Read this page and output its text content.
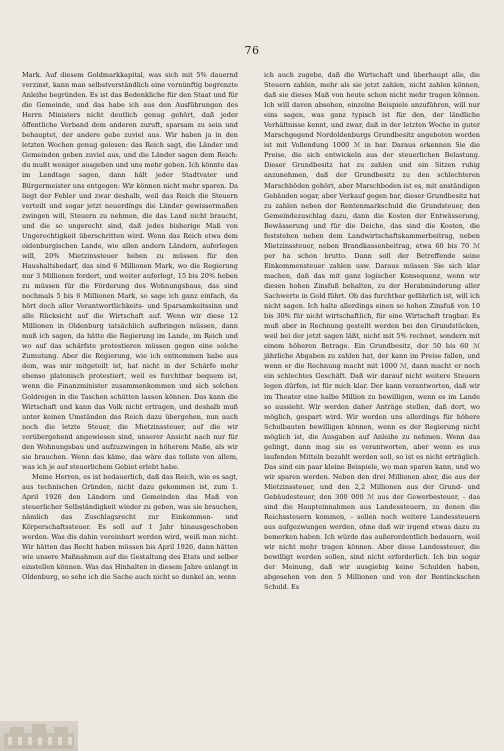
76

Mark. Auf diesem Goldmarkkapital, was sich mit 5% dauernd verzinst, kann man selbstverständlich eine vernünftig begrenzte Anleihe begründen. Es ist das Bedenkliche für den Staat und für die Gemeinde, und das habe ich aus den Ausführungen des Herrn Ministers nicht deutlich genug gehört, daß jeder öffentliche Verband dem anderen zuruft, sparsam zu sein und behauptet, der andere gebe zuviel aus. Wir haben ja in den letzten Wochen genug gelesen: das Reich sagt, die Länder und Gemeinden geben zuviel aus, und die Länder sagen dem Reich: du mußt weniger ausgeben und uns mehr geben. Ich könnte das im Landtage sagen, dann hält jeder Stadtvater und Bürgermeister uns entgegen: Wir können nicht mehr sparen. Da liegt der Fehler und zwar deshalb, weil das Reich die Steuern verteilt und sogar jetzt neuerdings die Länder gewissermaßen zwingen will, Steuern zu nehmen, die das Land nicht braucht, und die so ungerecht sind, daß jedes bisherige Maß von Ungerechtigkeit überschritten wird. Wenn das Reich etwa dem oldenburgischen Lande, wie allen andern Ländern, auferlegen will, 20% Mietzinssteuer heben zu müssen für den Haushaltsbedarf, das sind 6 Millionen Mark, wo die Regierung nur 3 Millionen fordert, und weiter auferlegt, 15 bis 20% heben zu müssen für die Förderung des Wohnungsbaus, das sind nochmals 5 bis 6 Millionen Mark, so sage ich ganz einfach, da hört doch aller Verantwortlichkeits- und Sparsamkeitssinn und alle Rücksicht auf die Wirtschaft auf. Wenn wir diese 12 Millionen in Oldenburg tatsächlich aufbringen müssen, dann muß ich sagen, da hätte die Regierung im Lande, im Reich und wo auf das schärfste protestieren müssen gegen eine solche Zumutung. Aber die Regierung, wie ich entnommen habe aus dem, was mir mitgeteilt ist, hat nicht in der Schärfe mehr ebenso platonisch protestiert, weil es furchtbar bequem ist, wenn die Finanzminister zusammenkommen und sich solchen Goldregen in die Taschen schütten lassen können. Das kann die Wirtschaft und kann das Volk nicht ertragen, und deshalb muß unter keinen Umständen das Reich dazu übergehen, nun auch noch die letzte Steuer, die Mietzinssteuer, auf die wir vorübergehend angewiesen sind, unserer Ansicht nach nur für den Wohnungsbau und aufzuzwingen in höherem Maße, als wir sie brauchen. Wenn das käme, das wäre das tollste von allem, was ich je auf steuerlichem Gebiet erlebt habe.

Meine Herren, es ist bedauerlich, daß das Reich, wie es sagt, aus technischen Gründen, nicht dazu gekommen ist, zum 1. April 1926 den Ländern und Gemeinden das Maß von steuerlicher Selbständigkeit wieder zu geben, was sie brauchen, nämlich das Zuschlagsrecht zur Einkommen- und Körperschaftssteuer. Es soll auf 1 Jahr hinausgeschoben werden. Was dis dahin vereinbart werden wird, weiß man nicht. Wir hätten das Recht haben müssen bis April 1926, dann hätten wie unsere Maßnahmen auf die Gestaltung des Etats und selber einstellen können. Was das Hinhalten in diesem Jahre anlangt in Oldenburg, so sehe ich die Sache auch nicht so dunkel an, wenn

ich auch zugebe, daß die Wirtschaft und überhaupt alle, die Steuern zahlen, mehr als sie jetzt zahlen, nicht zahlen können, daß sie dieses Maß von heute schon nicht mehr tragen können. Ich will davon absehen, einzelne Beispiele anzuführen, will nur eins sagen, was ganz typisch ist für den, der ländliche Verhältnisse kennt, und zwar, daß in der letzten Woche in guter Marschgegend Nordoldenburgs Grundbesitz angeboten worden ist mit Vollendung 1000 ℳ in bar. Daraus erkennen Sie die Preise, die sich entwickeln aus der steuerlichen Belastung. Dieser Grundbesitz hat zu zahlen und ein Sitzen ruhig anzunehmen, daß der Grundbesitz zu den schlechteren Marschböden gehört, aber Marschboden ist es, mit anständigen Gebäuden sogar, aber Verkauf gegen bar, dieser Grundbesitz hat zu zahlen neben der Rentenmarkschuld die Grundsteuer, den Gemeindezuschlag dazu, dann die Kosten der Entwässerung, Bewässerung und für die Deiche, das sind die Kosten, die feststehen neben dem Landwirtschaftskammerbeitrag, neben Mietzinssteuer, neben Brandkassenbeitrag, etwa 60 bis 70 ℳ per ha schon brutto. Dann soll der Betreffende seine Einkommensteuer zahlen usw. Daraus müssen Sie sich klar machen, daß das mit ganz logischer Konsequenz, wenn wir diesen hohen Zinsfuß behalten, zu der Herabminderung aller Sachwerte in Gold führt. Ob das furchtbar gefährlich ist, will ich nicht sagen. Ich halte allerdings einen so hohen Zinsfuß von 10 bis 30% für nicht wirtschaftlich, für eine Wirtschaft tragbar. Es muß aber in Rechnung gestellt werden bei den Grundstücken, weil bei der jetzt sagen läßt, nicht mit 5% rechnet, sondern mit einem höheren Betrage. Ein Grundbesitz, der 50 bis 60 ℳ jährliche Abgaben zu zahlen hat, der kann im Preise fallen, und wenn er die Rechnung macht mit 1000 ℳ, dann macht er noch ein schlechtes Geschäft. Daß wir darauf nicht weitere Steuern legen dürfen, ist für mich klar. Der kann verantworten, daß wir im Theater eine halbe Million zu bewilligen, wenn es im Lande so aussieht. Wir werden daher Anträge stellen, daß dort, wo möglich, gespart wird. Wir werden uns allerdings für höhere Schulbauten bewilligen können, wenn es der Regierung nicht möglich ist, die Ausgaben auf Anleihe zu nehmen. Wenn das gelingt, dann mag sie es verantworten, aber wenn es aus laufenden Mitteln bezahlt werden soll, so ist es nicht erträglich. Das sind ein paar kleine Beispiele, wo man sparen kann, und wo wir sparen werden. Neben den drei Millionen aber, die aus der Mietzinssteuer, und den 2,2 Millionen aus der Grund- und Gebäudesteuer, den 300 000 ℳ aus der Gewerbesteuer, - das sind die Haupteinnahmen aus Landessteuern, zu denen die Reichssteuern kommen, - sollen noch weitere Landessteuern aus aufgezwungen werden, ohne daß wir irgend etwas dazu zu bemerken haben. Ich würde das außerordentlich bedauern, weil wir nicht mehr tragen können. Aber diese Landessteuer, die bewilligt werden sollen, sind nicht erforderlich. Ich bin sogar der Meinung, daß wir ausgiebig keine Schulden haben, abgesehen von den 5 Millionen und von der Bentinckschen Schuld. Es
